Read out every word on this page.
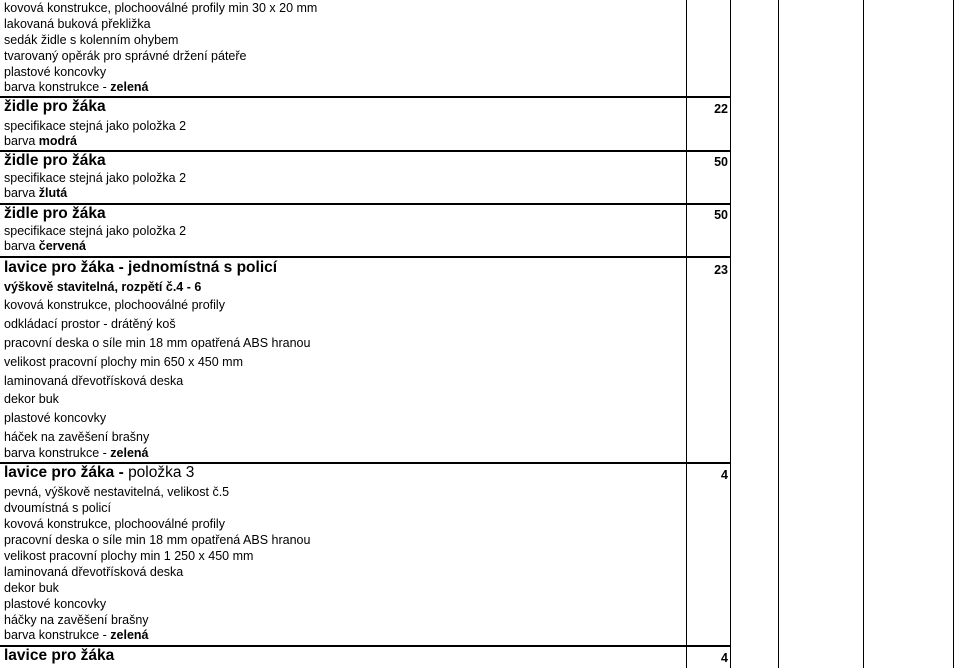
kovová konstrukce, plochooválné profily min 30 x 20 mm
lakovaná buková překližka
sedák židle s kolenním ohybem
tvarovaný opěrák pro správné držení páteře
plastové koncovky
barva konstrukce - zelená
židle pro žáka	22
specifikace stejná jako položka 2
barva modrá
židle pro žáka	50
specifikace stejná jako položka 2
barva žlutá
židle pro žáka	50
specifikace stejná jako položka 2
barva červená
lavice pro žáka - jednomístná s policí	23
výškově stavitelná, rozpětí č.4 - 6
kovová konstrukce, plochooválné profily
odkládací prostor - drátěný koš
pracovní deska o síle min 18 mm opatřená ABS hranou
velikost pracovní plochy min 650 x 450 mm
laminovaná dřevotřísková deska
dekor buk
plastové koncovky
háček na zavěšení brašny
barva konstrukce - zelená
lavice pro žáka - položka 3	4
pevná, výškově nestavitelná, velikost č.5
dvoumístná s policí
kovová konstrukce, plochooválné profily
pracovní deska o síle min 18 mm opatřená ABS hranou
velikost pracovní plochy min 1 250 x 450 mm
laminovaná dřevotřísková deska
dekor buk
plastové koncovky
háčky na zavěšení brašny
barva konstrukce - zelená
lavice pro žáka	4
